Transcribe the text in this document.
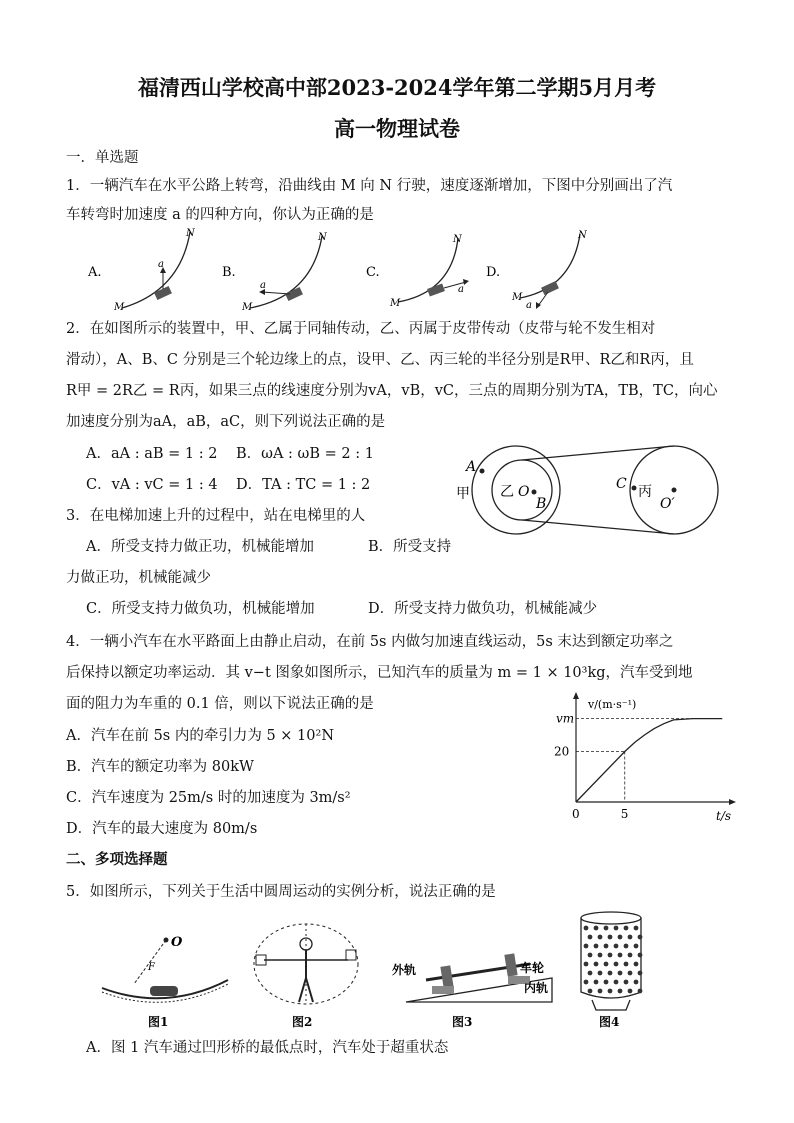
福清西山学校高中部2023-2024学年第二学期5月月考
高一物理试卷
一．单选题
1．一辆汽车在水平公路上转弯，沿曲线由 M 向 N 行驶，速度逐渐增加，下图中分别画出了汽
车转弯时加速度 a 的四种方向，你认为正确的是
A.
a
M
N
B.
a
M
N
C.
a
M
N
D.
a
M
N
2．在如图所示的装置中，甲、乙属于同轴传动，乙、丙属于皮带传动（皮带与轮不发生相对
滑动），A、B、C 分别是三个轮边缘上的点，设甲、乙、丙三轮的半径分别是R甲、R乙和R丙，且
R甲 = 2R乙 = R丙，如果三点的线速度分别为vA，vB，vC，三点的周期分别为TA，TB，TC，向心
加速度分别为aA，aB，aC，则下列说法正确的是
A．aA : aB = 1 : 2 B．ωA : ωB = 2 : 1
C．vA : vC = 1 : 4 D．TA : TC = 1 : 2
A
甲 乙 O
B
C 丙
O′
3．在电梯加速上升的过程中，站在电梯里的人
A．所受支持力做正功，机械能增加	B．所受支持
力做正功，机械能减少
C．所受支持力做负功，机械能增加	D．所受支持力做负功，机械能减少
4．一辆小汽车在水平路面上由静止启动，在前 5s 内做匀加速直线运动，5s 末达到额定功率之
后保持以额定功率运动．其 v−t 图象如图所示，已知汽车的质量为 m = 1 × 10³kg，汽车受到地
面的阻力为车重的 0.1 倍，则以下说法正确的是
A．汽车在前 5s 内的牵引力为 5 × 10²N
B．汽车的额定功率为 80kW
C．汽车速度为 25m/s 时的加速度为 3m/s²
D．汽车的最大速度为 80m/s
v/(m·s⁻¹)
t/s
0	5
20
vm
二、多项选择题
5．如图所示，下列关于生活中圆周运动的实例分析，说法正确的是
O
F
图1	图2
外轨	车轮
内轨
图3	图4
A．图 1 汽车通过凹形桥的最低点时，汽车处于超重状态
